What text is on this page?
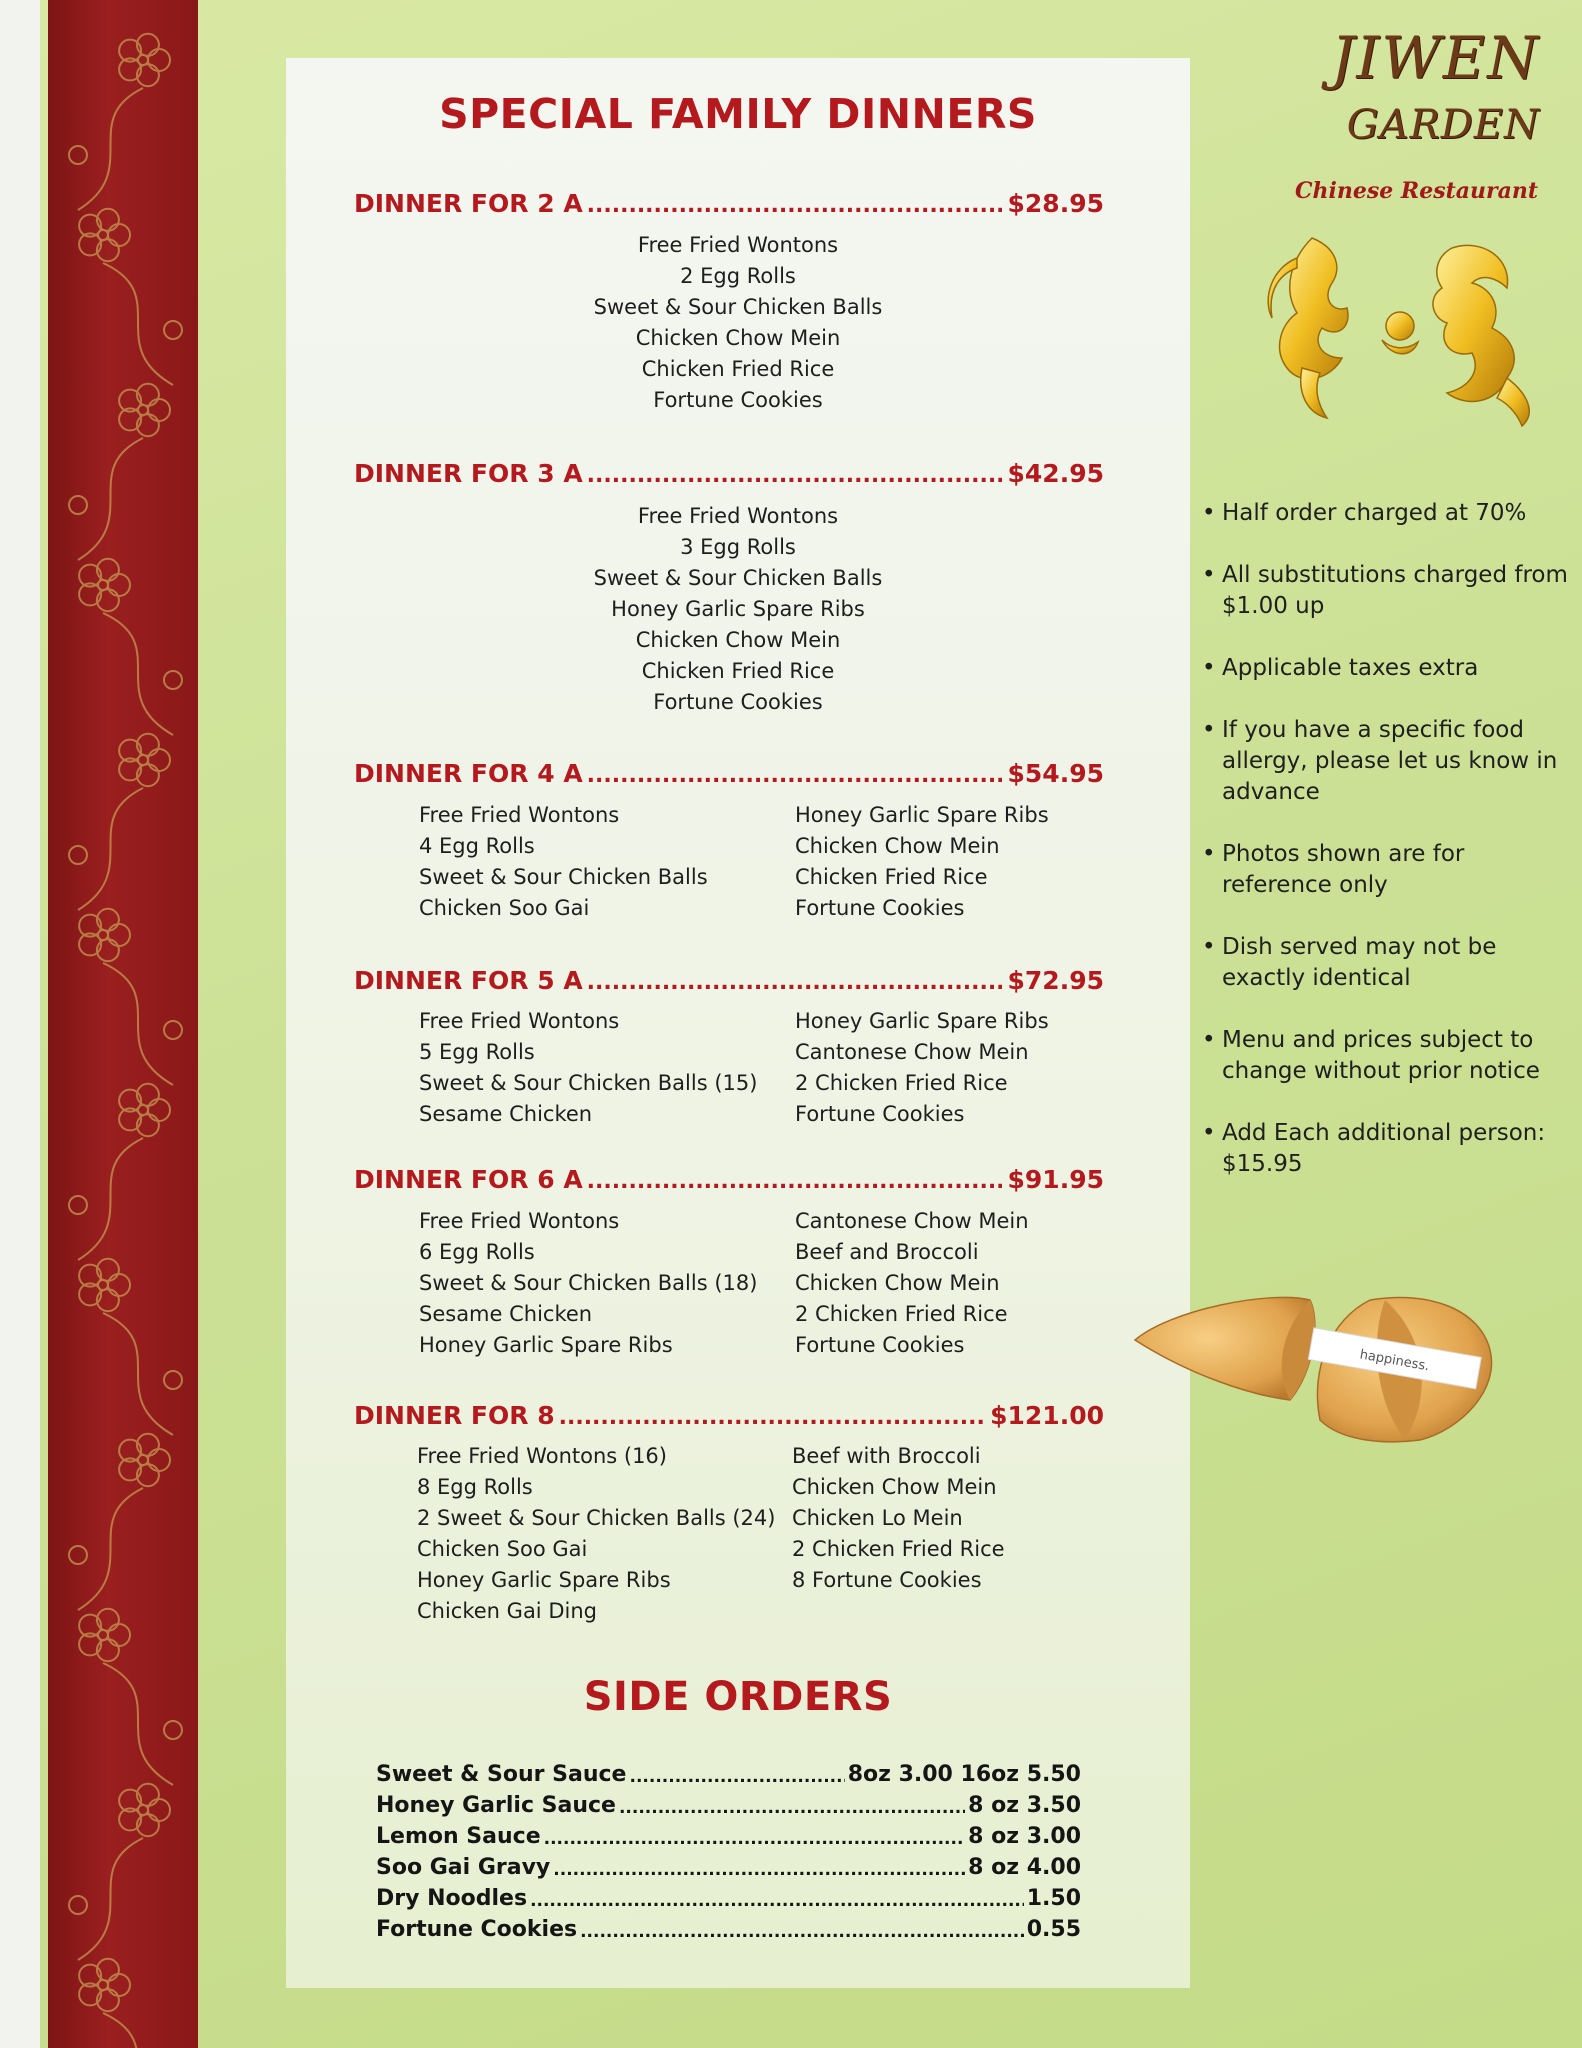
SPECIAL FAMILY DINNERS
DINNER FOR 2 A .....	$28.95
Free Fried Wontons
2 Egg Rolls
Sweet & Sour Chicken Balls
Chicken Chow Mein
Chicken Fried Rice
Fortune Cookies
DINNER FOR 3 A .....	$42.95
Free Fried Wontons
3 Egg Rolls
Sweet & Sour Chicken Balls
Honey Garlic Spare Ribs
Chicken Chow Mein
Chicken Fried Rice
Fortune Cookies
DINNER FOR 4 A .....	$54.95
Free Fried Wontons
4 Egg Rolls
Sweet & Sour Chicken Balls
Chicken Soo Gai
Honey Garlic Spare Ribs
Chicken Chow Mein
Chicken Fried Rice
Fortune Cookies
DINNER FOR 5 A .....	$72.95
Free Fried Wontons
5 Egg Rolls
Sweet & Sour Chicken Balls (15)
Sesame Chicken
Honey Garlic Spare Ribs
Cantonese Chow Mein
2 Chicken Fried Rice
Fortune Cookies
DINNER FOR 6 A .....	$91.95
Free Fried Wontons
6 Egg Rolls
Sweet & Sour Chicken Balls (18)
Sesame Chicken
Honey Garlic Spare Ribs
Cantonese Chow Mein
Beef and Broccoli
Chicken Chow Mein
2 Chicken Fried Rice
Fortune Cookies
DINNER FOR 8 .....	$121.00
Free Fried Wontons (16)
8 Egg Rolls
2 Sweet & Sour Chicken Balls (24)
Chicken Soo Gai
Honey Garlic Spare Ribs
Chicken Gai Ding
Beef with Broccoli
Chicken Chow Mein
Chicken Lo Mein
2 Chicken Fried Rice
8 Fortune Cookies
SIDE ORDERS
Sweet & Sour Sauce .....	8oz 3.00 16oz 5.50
Honey Garlic Sauce .....	8 oz 3.50
Lemon Sauce .....	8 oz 3.00
Soo Gai Gravy .....	8 oz 4.00
Dry Noodles .....	1.50
Fortune Cookies .....	0.55
JIWEN
GARDEN
Chinese Restaurant
• Half order charged at 70%
• All substitutions charged from $1.00 up
• Applicable taxes extra
• If you have a specific food allergy, please let us know in advance
• Photos shown are for reference only
• Dish served may not be exactly identical
• Menu and prices subject to change without prior notice
• Add Each additional person: $15.95
happiness.
